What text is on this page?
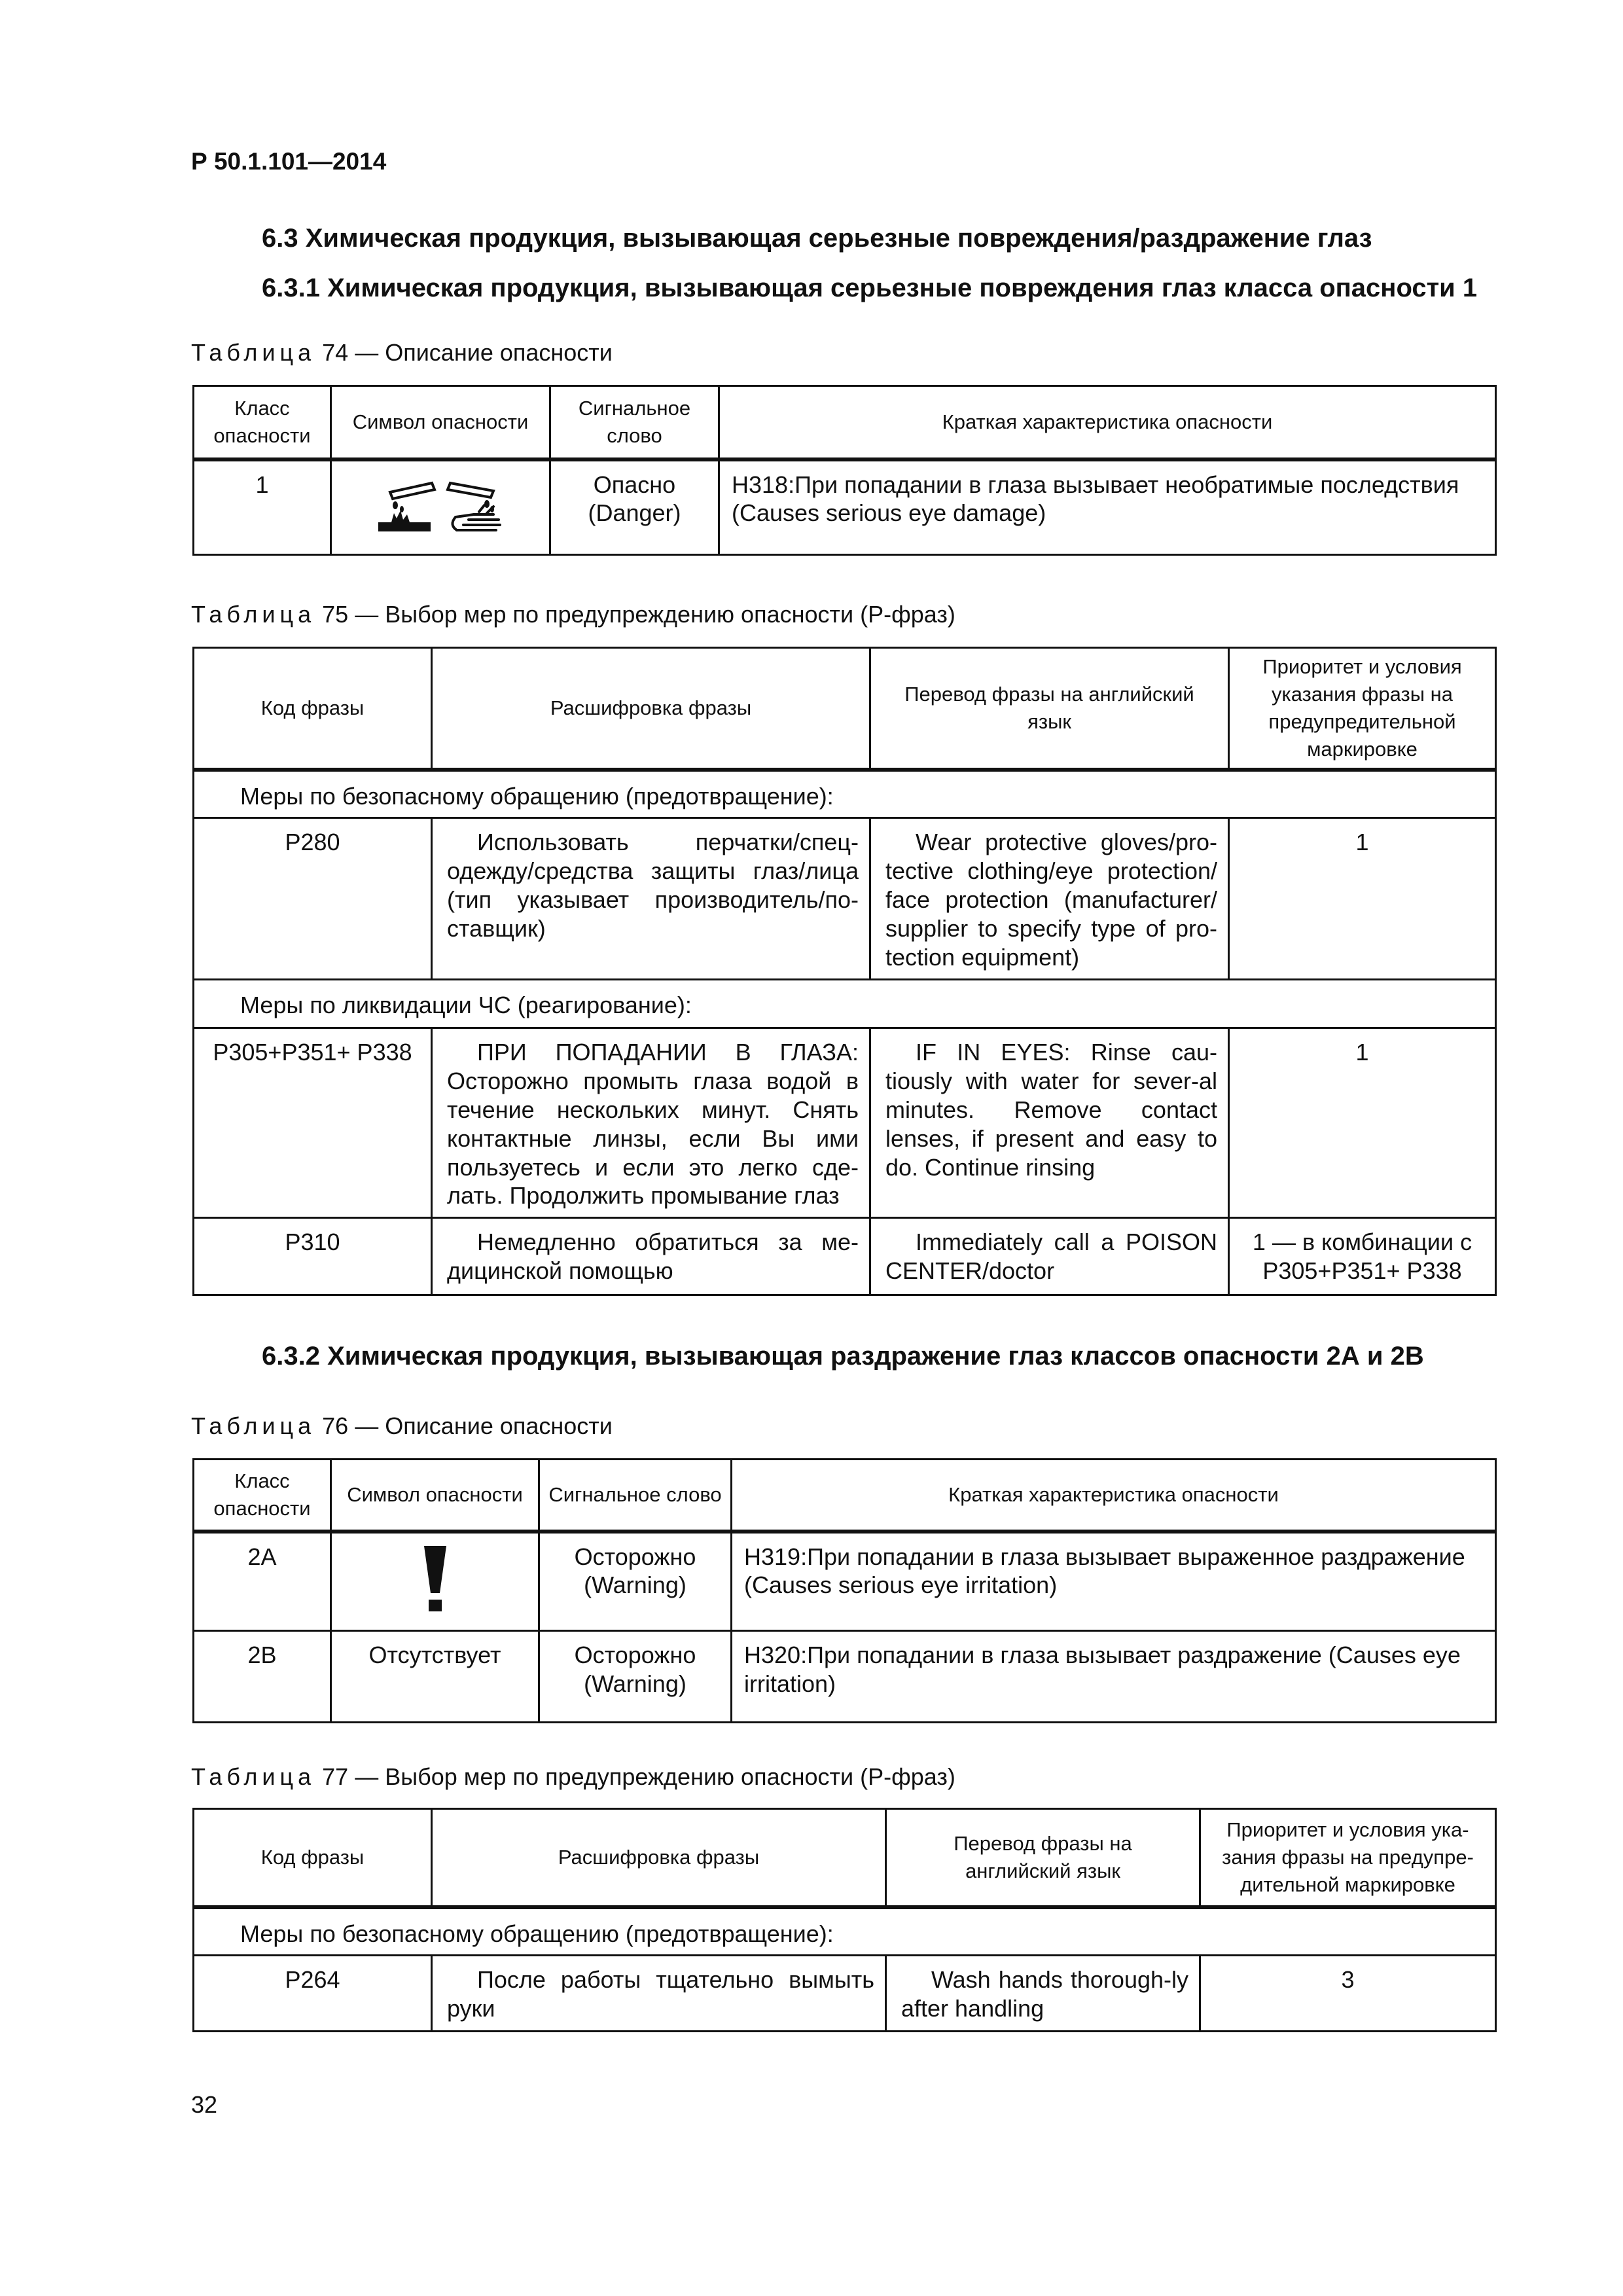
Р 50.1.101—2014
6.3 Химическая продукция, вызывающая серьезные повреждения/раздражение глаз
6.3.1 Химическая продукция, вызывающая серьезные повреждения глаз класса опасности 1
Таблица 74 — Описание опасности
Класс опасности	Символ опасности	Сигнальное слово	Краткая характеристика опасности
1		Опасно (Danger)	H318:При попадании в глаза вызывает необратимые последствия (Causes serious eye damage)
Таблица 75 — Выбор мер по предупреждению опасности (Р-фраз)
Код фразы	Расшифровка фразы	Перевод фразы на английский язык	Приоритет и условия указания фразы на предупредительной маркировке
Меры по безопасному обращению (предотвращение):			
P280	Использовать перчатки/спец-одежду/средства защиты глаз/лица (тип указывает производитель/по-ставщик)	Wear protective gloves/pro-tective clothing/eye protection/ face protection (manufacturer/ supplier to specify type of pro-tection equipment)	1
Меры по ликвидации ЧС (реагирование):			
P305+P351+ P338	ПРИ ПОПАДАНИИ В ГЛАЗА: Осторожно промыть глаза водой в течение нескольких минут. Снять контактные линзы, если Вы ими пользуетесь и если это легко сде-лать. Продолжить промывание глаз	IF IN EYES: Rinse cau-tiously with water for sever-al minutes. Remove contact lenses, if present and easy to do. Continue rinsing	1
P310	Немедленно обратиться за ме-дицинской помощью	Immediately call a POISON CENTER/doctor	1 — в комбинации с P305+P351+ P338
6.3.2 Химическая продукция, вызывающая раздражение глаз классов опасности 2А и 2В
Таблица 76 — Описание опасности
Класс опасности	Символ опасности	Сигнальное слово	Краткая характеристика опасности
2A		Осторожно (Warning)	H319:При попадании в глаза вызывает выраженное раздражение (Causes serious eye irritation)
2B	Отсутствует	Осторожно (Warning)	H320:При попадании в глаза вызывает раздражение (Causes eye irritation)
Таблица 77 — Выбор мер по предупреждению опасности (Р-фраз)
Код фразы	Расшифровка фразы	Перевод фразы на английский язык	Приоритет и условия ука-зания фразы на предупре-дительной маркировке
Меры по безопасному обращению (предотвращение):			
P264	После работы тщательно вымыть руки	Wash hands thorough-ly after handling	3
32
